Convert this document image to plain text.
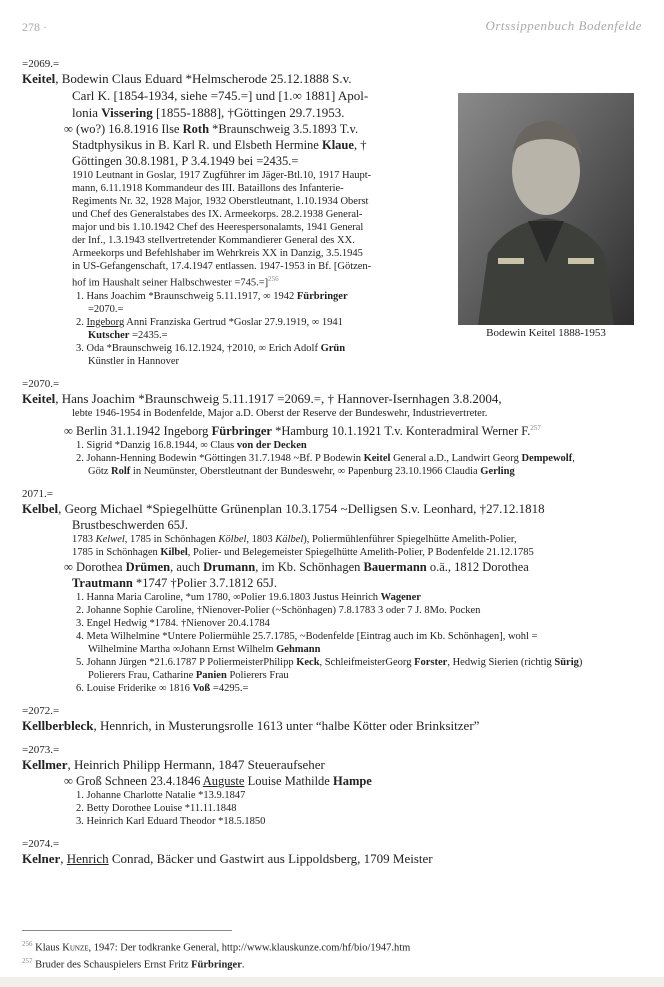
278 ·	Ortssippenbuch Bodenfelde
Bodewin Keitel 1888-1953
=2069.=
Keitel, Bodewin Claus Eduard *Helmscherode 25.12.1888 S.v.
Carl K. [1854-1934, siehe =745.=] und [1.∞ 1881] Apol-
lonia Vissering [1855-1888], †Göttingen 29.7.1953.
∞ (wo?) 16.8.1916 Ilse Roth *Braunschweig 3.5.1893 T.v.
Stadtphysikus in B. Karl R. und Elsbeth Hermine Klaue, †
Göttingen 30.8.1981, P 3.4.1949 bei =2435.=
1910 Leutnant in Goslar, 1917 Zugführer im Jäger-Btl.10, 1917 Haupt-
mann, 6.11.1918 Kommandeur des III. Bataillons des Infanterie-
Regiments Nr. 32, 1928 Major, 1932 Oberstleutnant, 1.10.1934 Oberst
und Chef des Generalstabes des IX. Armeekorps. 28.2.1938 General-
major und bis 1.10.1942 Chef des Heerespersonalamts, 1941 General
der Inf., 1.3.1943 stellvertretender Kommandierer General des XX.
Armeekorps und Befehlshaber im Wehrkreis XX in Danzig, 3.5.1945
in US-Gefangenschaft, 17.4.1947 entlassen. 1947-1953 in Bf. [Götzen-
hof im Haushalt seiner Halbschwester =745.=]$^{256}$
1. Hans Joachim *Braunschweig 5.11.1917, ∞ 1942 Fürbringer
=2070.=
2. Ingeborg Anni Franziska Gertrud *Goslar 27.9.1919, ∞ 1941
Kutscher =2435.=
3. Oda *Braunschweig 16.12.1924, †2010, ∞ Erich Adolf Grün
Künstler in Hannover
=2070.=
Keitel, Hans Joachim *Braunschweig 5.11.1917 =2069.=, † Hannover-Isernhagen 3.8.2004,
lebte 1946-1954 in Bodenfelde, Major a.D. Oberst der Reserve der Bundeswehr, Industrievertreter.
∞ Berlin 31.1.1942 Ingeborg Fürbringer *Hamburg 10.1.1921 T.v. Konteradmiral Werner F.$^{257}$
1. Sigrid *Danzig 16.8.1944, ∞ Claus von der Decken
2. Johann-Henning Bodewin *Göttingen 31.7.1948 ~Bf. P Bodewin Keitel General a.D., Landwirt Georg Dempewolf,
Götz Rolf in Neumünster, Oberstleutnant der Bundeswehr, ∞ Papenburg 23.10.1966 Claudia Gerling
2071.=
Kelbel, Georg Michael *Spiegelhütte Grünenplan 10.3.1754 ~Delligsen S.v. Leonhard, †27.12.1818
Brustbeschwerden 65J.
1783 Kelwel, 1785 in Schönhagen Kölbel, 1803 Kälbel), Poliermühlenführer Spiegelhütte Amelith-Polier,
1785 in Schönhagen Kilbel, Polier- und Belegemeister Spiegelhütte Amelith-Polier, P Bodenfelde 21.12.1785
∞ Dorothea Drümen, auch Drumann, im Kb. Schönhagen Bauermann o.ä., 1812 Dorothea
Trautmann *1747 †Polier 3.7.1812 65J.
1. Hanna Maria Caroline, *um 1780, ∞Polier 19.6.1803 Justus Heinrich Wagener
2. Johanne Sophie Caroline, †Nienover-Polier (~Schönhagen) 7.8.1783 3 oder 7 J. 8Mo. Pocken
3. Engel Hedwig *1784. †Nienover 20.4.1784
4. Meta Wilhelmine *Untere Poliermühle 25.7.1785, ~Bodenfelde [Eintrag auch im Kb. Schönhagen], wohl =
Wilhelmine Martha ∞Johann Ernst Wilhelm Gehmann
5. Johann Jürgen *21.6.1787 P PoliermeisterPhilipp Keck, SchleifmeisterGeorg Forster, Hedwig Sierien (richtig Sürig)
Polierers Frau, Catharine Panien Polierers Frau
6. Louise Friderike ∞ 1816 Voß =4295.=
=2072.=
Kellberbleck, Hennrich, in Musterungsrolle 1613 unter “halbe Kötter oder Brinksitzer”
=2073.=
Kellmer, Heinrich Philipp Hermann, 1847 Steueraufseher
∞ Groß Schneen 23.4.1846 Auguste Louise Mathilde Hampe
1. Johanne Charlotte Natalie *13.9.1847
2. Betty Dorothee Louise *11.11.1848
3. Heinrich Karl Eduard Theodor *18.5.1850
=2074.=
Kelner, Henrich Conrad, Bäcker und Gastwirt aus Lippoldsberg, 1709 Meister
$^{256}$ Klaus Kunze, 1947: Der todkranke General, http://www.klauskunze.com/hf/bio/1947.htm
$^{257}$ Bruder des Schauspielers Ernst Fritz Fürbringer.
